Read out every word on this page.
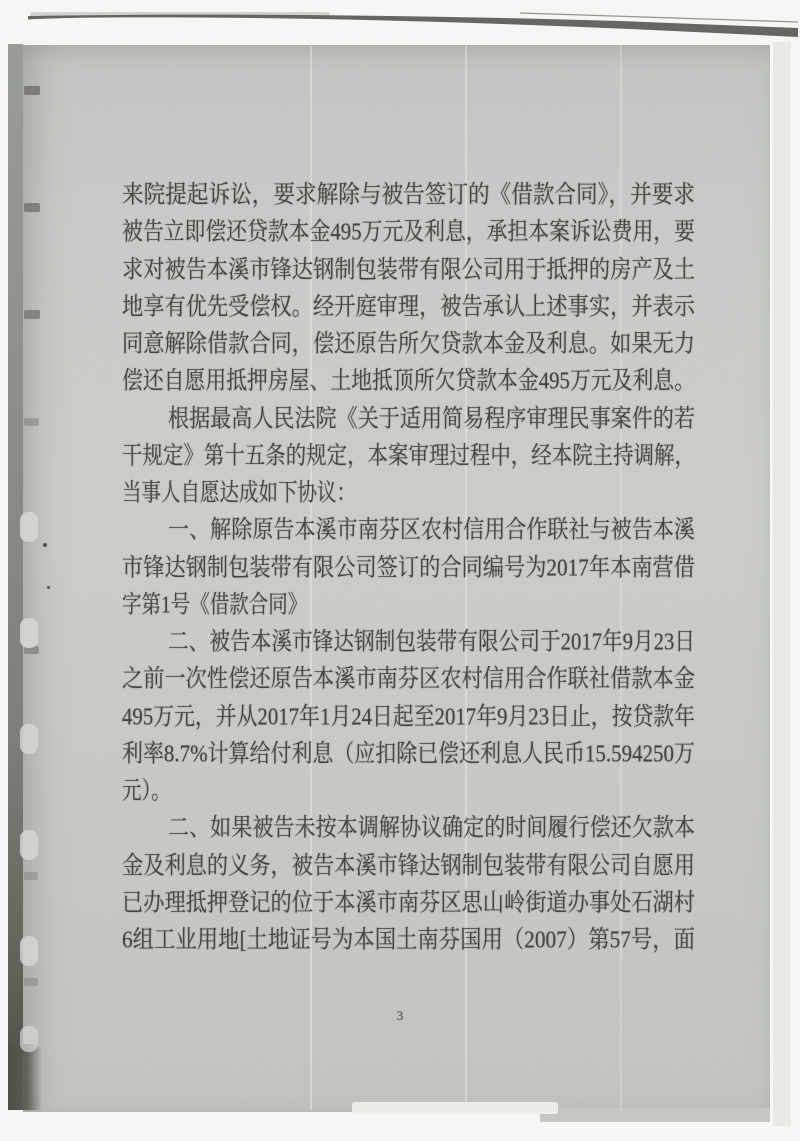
来院提起诉讼，要求解除与被告签订的《借款合同》，并要求
被告立即偿还贷款本金495万元及利息，承担本案诉讼费用，要
求对被告本溪市锋达钢制包装带有限公司用于抵押的房产及土
地享有优先受偿权。经开庭审理，被告承认上述事实，并表示
同意解除借款合同，偿还原告所欠贷款本金及利息。如果无力
偿还自愿用抵押房屋、土地抵顶所欠贷款本金495万元及利息。
根据最高人民法院《关于适用简易程序审理民事案件的若
干规定》第十五条的规定，本案审理过程中，经本院主持调解，
当事人自愿达成如下协议：
一、解除原告本溪市南芬区农村信用合作联社与被告本溪
市锋达钢制包装带有限公司签订的合同编号为2017年本南营借
字第1号《借款合同》
二、被告本溪市锋达钢制包装带有限公司于2017年9月23日
之前一次性偿还原告本溪市南芬区农村信用合作联社借款本金
495万元，并从2017年1月24日起至2017年9月23日止，按贷款年
利率8.7%计算给付利息（应扣除已偿还利息人民币15.594250万
元）。
二、如果被告未按本调解协议确定的时间履行偿还欠款本
金及利息的义务，被告本溪市锋达钢制包装带有限公司自愿用
已办理抵押登记的位于本溪市南芬区思山岭街道办事处石湖村
6组工业用地[土地证号为本国土南芬国用（2007）第57号，面
3
